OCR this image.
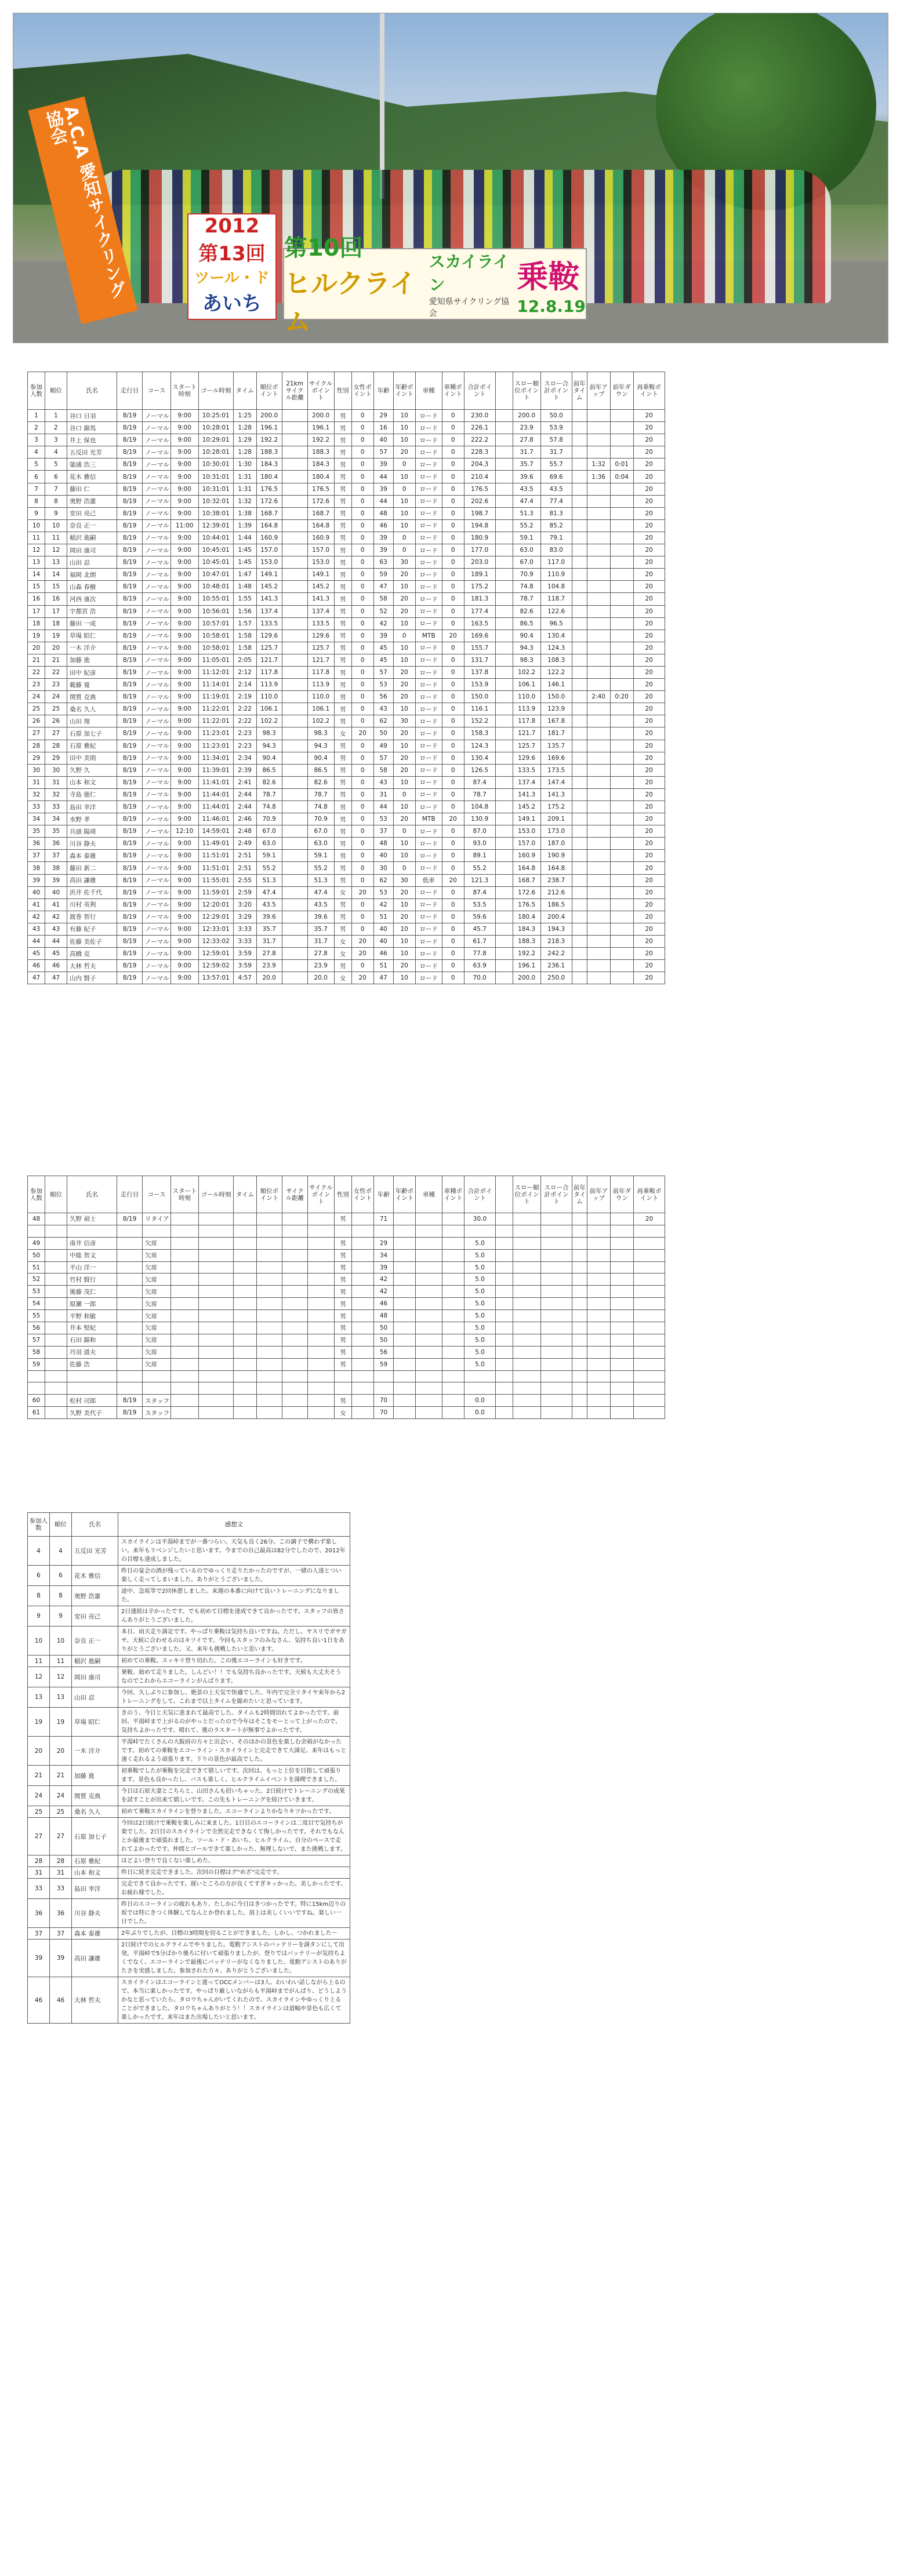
A.C.A 愛知サイクリング協会
2012
第13回
ツール・ド
あいち
第10回
ヒルクライム
スカイライン
愛知県サイクリング協会
乗鞍
12.8.19
参加人数	順位	氏名	走行日	コース	スタート時刻	ゴール時刻	タイム	順位ポイント	21km サイクル距離	サイクル ポイント	性別	女性ポイント	年齢	年齢ポイント	車種	車種ポイント	合計ポイント		スロー順位ポイント	スロー合計ポイント	前年タイム	前年アップ	前年ダウン	再乗鞍ポイント
1	1	谷口 日羽	8/19	ノーマル	9:00	10:25:01	1:25	200.0		200.0	男	0	29	10	ロード	0	230.0		200.0	50.0				20
2	2	谷口 錦馬	8/19	ノーマル	9:00	10:28:01	1:28	196.1		196.1	男	0	16	10	ロード	0	226.1		23.9	53.9				20
3	3	井上 保也	8/19	ノーマル	9:00	10:29:01	1:29	192.2		192.2	男	0	40	10	ロード	0	222.2		27.8	57.8				20
4	4	五反田 光芳	8/19	ノーマル	9:00	10:28:01	1:28	188.3		188.3	男	0	57	20	ロード	0	228.3		31.7	31.7				20
5	5	簗浦 浩三	8/19	ノーマル	9:00	10:30:01	1:30	184.3		184.3	男	0	39	0	ロード	0	204.3		35.7	55.7		1:32	0:01	20
6	6	花木 雅信	8/19	ノーマル	9:00	10:31:01	1:31	180.4		180.4	男	0	44	10	ロード	0	210.4		39.6	69.6		1:36	0:04	20
7	7	藤田 仁	8/19	ノーマル	9:00	10:31:01	1:31	176.5		176.5	男	0	39	0	ロード	0	176.5		43.5	43.5				20
8	8	奥野 浩憲	8/19	ノーマル	9:00	10:32:01	1:32	172.6		172.6	男	0	44	10	ロード	0	202.6		47.4	77.4				20
9	9	安田 亮己	8/19	ノーマル	9:00	10:38:01	1:38	168.7		168.7	男	0	48	10	ロード	0	198.7		51.3	81.3				20
10	10	奈良 正一	8/19	ノーマル	11:00	12:39:01	1:39	164.8		164.8	男	0	46	10	ロード	0	194.8		55.2	85.2				20
11	11	稲沢 進嗣	8/19	ノーマル	9:00	10:44:01	1:44	160.9		160.9	男	0	39	0	ロード	0	180.9		59.1	79.1				20
12	12	岡田 康司	8/19	ノーマル	9:00	10:45:01	1:45	157.0		157.0	男	0	39	0	ロード	0	177.0		63.0	83.0				20
13	13	山田 忍	8/19	ノーマル	9:00	10:45:01	1:45	153.0		153.0	男	0	63	30	ロード	0	203.0		67.0	117.0				20
14	14	福岡 北朗	8/19	ノーマル	9:00	10:47:01	1:47	149.1		149.1	男	0	59	20	ロード	0	189.1		70.9	110.9				20
15	15	山森 春樹	8/19	ノーマル	9:00	10:48:01	1:48	145.2		145.2	男	0	47	10	ロード	0	175.2		74.8	104.8				20
16	16	河西 康次	8/19	ノーマル	9:00	10:55:01	1:55	141.3		141.3	男	0	58	20	ロード	0	181.3		78.7	118.7				20
17	17	宇都宮 浩	8/19	ノーマル	9:00	10:56:01	1:56	137.4		137.4	男	0	52	20	ロード	0	177.4		82.6	122.6				20
18	18	藤田 一成	8/19	ノーマル	9:00	10:57:01	1:57	133.5		133.5	男	0	42	10	ロード	0	163.5		86.5	96.5				20
19	19	草場 昭仁	8/19	ノーマル	9:00	10:58:01	1:58	129.6		129.6	男	0	39	0	MTB	20	169.6		90.4	130.4				20
20	20	一木 洋介	8/19	ノーマル	9:00	10:58:01	1:58	125.7		125.7	男	0	45	10	ロード	0	155.7		94.3	124.3				20
21	21	加藤 進	8/19	ノーマル	9:00	11:05:01	2:05	121.7		121.7	男	0	45	10	ロード	0	131.7		98.3	108.3				20
22	22	田中 紀彦	8/19	ノーマル	9:00	11:12:01	2:12	117.8		117.8	男	0	57	20	ロード	0	137.8		102.2	122.2				20
23	23	範藤 寛	8/19	ノーマル	9:00	11:14:01	2:14	113.9		113.9	男	0	53	20	ロード	0	153.9		106.1	146.1				20
24	24	関質 克典	8/19	ノーマル	9:00	11:19:01	2:19	110.0		110.0	男	0	56	20	ロード	0	150.0		110.0	150.0		2:40	0:20	20
25	25	桑名 久人	8/19	ノーマル	9:00	11:22:01	2:22	106.1		106.1	男	0	43	10	ロード	0	116.1		113.9	123.9				20
26	26	山田 翔	8/19	ノーマル	9:00	11:22:01	2:22	102.2		102.2	男	0	62	30	ロード	0	152.2		117.8	167.8				20
27	27	石原 加七子	8/19	ノーマル	9:00	11:23:01	2:23	98.3		98.3	女	20	50	20	ロード	0	158.3		121.7	181.7				20
28	28	石原 雅紀	8/19	ノーマル	9:00	11:23:01	2:23	94.3		94.3	男	0	49	10	ロード	0	124.3		125.7	135.7				20
29	29	田中 美則	8/19	ノーマル	9:00	11:34:01	2:34	90.4		90.4	男	0	57	20	ロード	0	130.4		129.6	169.6				20
30	30	久野 久	8/19	ノーマル	9:00	11:39:01	2:39	86.5		86.5	男	0	58	20	ロード	0	126.5		133.5	173.5				20
31	31	山本 和文	8/19	ノーマル	9:00	11:41:01	2:41	82.6		82.6	男	0	43	10	ロード	0	87.4		137.4	147.4				20
32	32	寺島 徳仁	8/19	ノーマル	9:00	11:44:01	2:44	78.7		78.7	男	0	31	0	ロード	0	78.7		141.3	141.3				20
33	33	島田 幸洋	8/19	ノーマル	9:00	11:44:01	2:44	74.8		74.8	男	0	44	10	ロード	0	104.8		145.2	175.2				20
34	34	水野 孝	8/19	ノーマル	9:00	11:46:01	2:46	70.9		70.9	男	0	53	20	MTB	20	130.9		149.1	209.1				20
35	35	兵頭 陽靖	8/19	ノーマル	12:10	14:59:01	2:48	67.0		67.0	男	0	37	0	ロード	0	87.0		153.0	173.0				20
36	36	川谷 静夫	8/19	ノーマル	9:00	11:49:01	2:49	63.0		63.0	男	0	48	10	ロード	0	93.0		157.0	187.0				20
37	37	森本 泰雄	8/19	ノーマル	9:00	11:51:01	2:51	59.1		59.1	男	0	40	10	ロード	0	89.1		160.9	190.9				20
38	38	藤田 新二	8/19	ノーマル	9:00	11:51:01	2:51	55.2		55.2	男	0	30	0	ロード	0	55.2		164.8	164.8				20
39	39	高田 謙雄	8/19	ノーマル	9:00	11:55:01	2:55	51.3		51.3	男	0	62	30	低車	20	121.3		168.7	238.7				20
40	40	浜井 佐千代	8/19	ノーマル	9:00	11:59:01	2:59	47.4		47.4	女	20	53	20	ロード	0	87.4		172.6	212.6				20
41	41	川村 英利	8/19	ノーマル	9:00	12:20:01	3:20	43.5		43.5	男	0	42	10	ロード	0	53.5		176.5	186.5				20
42	42	渡巻 智行	8/19	ノーマル	9:00	12:29:01	3:29	39.6		39.6	男	0	51	20	ロード	0	59.6		180.4	200.4				20
43	43	有藤 紀子	8/19	ノーマル	9:00	12:33:01	3:33	35.7		35.7	男	0	40	10	ロード	0	45.7		184.3	194.3				20
44	44	佐藤 美佐子	8/19	ノーマル	9:00	12:33:02	3:33	31.7		31.7	女	20	40	10	ロード	0	61.7		188.3	218.3				20
45	45	高橋 克	8/19	ノーマル	9:00	12:59:01	3:59	27.8		27.8	女	20	46	10	ロード	0	77.8		192.2	242.2				20
46	46	大林 哲夫	8/19	ノーマル	9:00	12:59:02	3:59	23.9		23.9	男	0	51	20	ロード	0	63.9		196.1	236.1				20
47	47	山内 賢子	8/19	ノーマル	9:00	13:57:01	4:57	20.0		20.0	女	20	47	10	ロード	0	70.0		200.0	250.0				20
参加人数	順位	氏名	走行日	コース	スタート時刻	ゴール時刻	タイム	順位ポイント	サイクル距離	サイクルポイント	性別	女性ポイント	年齢	年齢ポイント	車種	車種ポイント	合計ポイント		スロー順位ポイント	スロー合計ポイント	前年タイム	前年アップ	前年ダウン	再乗鞍ポイント
48		久野 禎士	8/19	リタイア							男		71				30.0							20

49		南井 信彦		欠席							男		29				5.0							
50		中総 智文		欠席							男		34				5.0							
51		平山 洋一		欠席							男		39				5.0							
52		竹村 賢行		欠席							男		42				5.0							
53		後藤 茂仁		欠席							男		42				5.0							
54		原瀬 一郎		欠席							男		46				5.0							
55		平野 和敏		欠席							男		48				5.0							
56		井本 堅紀		欠席							男		50				5.0							
57		石田 錦和		欠席							男		50				5.0							
58		丹羽 道夫		欠席							男		56				5.0							
59		佐藤 浩		欠席							男		59				5.0							

60		松村 司郎	8/19	スタッフ							男		70				0.0							
61		久野 美代子	8/19	スタッフ							女		70				0.0							
参加人数	順位	氏名	感想文
4	4	五反田 光芳	スカイラインは平湯峠までが一番つらい。天気も良く26分。この調子で構わず楽しい。来年もリベンジしたいと思います。今までの自己最高は82分でしたので、2012年の目標も達成しました。
6	6	花木 雅信	昨日の宴会の酒が残っているのでゆっくり走りたかったのですが、一緒の人達とつい楽しく走ってしまいました。ありがとうございました。
8	8	奥野 浩憲	途中、急坂等で2回休憩しました。来週の本番に向けて良いトレーニングになりました。
9	9	安田 亮己	2日連続は辛かったです。でも初めて目標を達成できて良かったです。スタッフの皆さんありがとうございました。
10	10	奈良 正一	本日、雨天走り満足です。やっぱり乗鞍は気持ち良いですね。ただし、ヤスリでガサガサ、天候に合わせるのはキツイです。今回もスタッフのみなさん、気持ち良い1日をありがとうございました。又、来年も挑戦したいと思います。
11	11	稲沢 進嗣	初めての乗鞍。スッキリ登り切れた。この後エコーラインも好きです。
12	12	岡田 康司	乗鞍、始めて走りました。しんどい！！でも気持ち良かったです。天候も大丈夫そうなのでこれからエコーラインがんばります。
13	13	山田 忍	今回、久しぶりに参加し、絶景の上天気で快適でした。年内で完全リタイヤ来年から2トレーニングをして、これまで以上タイムを縮めたいと思っています。
19	19	草場 昭仁	きのう、今日と天気に恵まれて最高でした。タイムも2時間切れてよかったです。前回、平湯峠まで上がるのがやっとだったので今年はそこをモーとって上がったので、気持ちよかったです。晴れて、後のラスタートが無事でよかったです。
20	20	一木 洋介	平湯峠でたくさんの大阪府の方々と出会い、そのほかの景色を楽しむ余裕がなかったです。初めての乗鞍をエコーライン・スカイラインと完走できて大満足。来年はもっと速く走れるよう頑張ります。下りの景色が最高でした。
21	21	加藤 進	初乗鞍でしたが乗鞍を完走できて嬉しいです。次回は、もっと上位を目指して頑張ります。景色も良かったし、バスも楽しく、ヒルクライムイベントを満喫できました。
24	24	関質 克典	今日は石原夫妻とこちらと、山田さんも招いちゃった。2日続けでトレーニングの成果を試すことが出来て嬉しいです。この先もトレーニングを続けていきます。
25	25	桑名 久人	初めて乗鞍スカイラインを登りました。エコーラインよりかなりキツかったです。
27	27	石原 加七子	今回は2日続けで乗鞍を楽しみに来ました。1日目のエコーラインは二度目で気持ちが楽でした。2日目のスカイラインで全然完走できなくて悔しかったです。それでもなんとか最後まで頑張れました。ツール・ド・あいち、ヒルクライム、自分のペースで走れてよかったです。仲間とゴールできて楽しかった、無理しないで、また挑戦します。
28	28	石原 雅紀	ほどよい登りで良くない楽しめた。
31	31	山本 和文	昨日に続き完走できました。次回の目標はグ"めざ"完走です。
33	33	島田 幸洋	完走できて良かったです。遅いところの方が良くてすぎキッかった。美しかったです。お疲れ様でした。
36	36	川谷 静夫	昨日のエコーラインの疲れもあり、たしかに今日はきつかったです。特に15km辺りの坂では特にきつく体験してなんとか登れました。頂上は美しくいいですね。楽しい一日でした。
37	37	森本 泰雄	2年ぶりでしたが、目標の3時間を切ることができました。しかし、つかれました〜
39	39	高田 謙雄	2日続けでのヒルクライムでやりました。電動アシストのバッテリーを満タンにして出発。平湯峠で5分ばかり後ろに付いて頑張りましたが、登りではバッテリーが気持ちよくでなく、エコーラインで最後にバッテリーがなくなりました。電動アシストのありがたさを実感しました。参加された方々、ありがとうございました。
46	46	大林 哲夫	スカイラインはエコーラインと違ってOCCメンバーは3人、わいわい話しながら上るので、本当に楽しかったです。やっぱり厳しいながらも平湯峠までがんばり、どうしようかなと思っていたら、タロウちゃんがいてくれたので、スカイラインやゆっくり上ることができました。タロウちゃんありがとう！！スカイラインは道幅や景色も広くて楽しかったです。来年はまた出場したいと思います。
